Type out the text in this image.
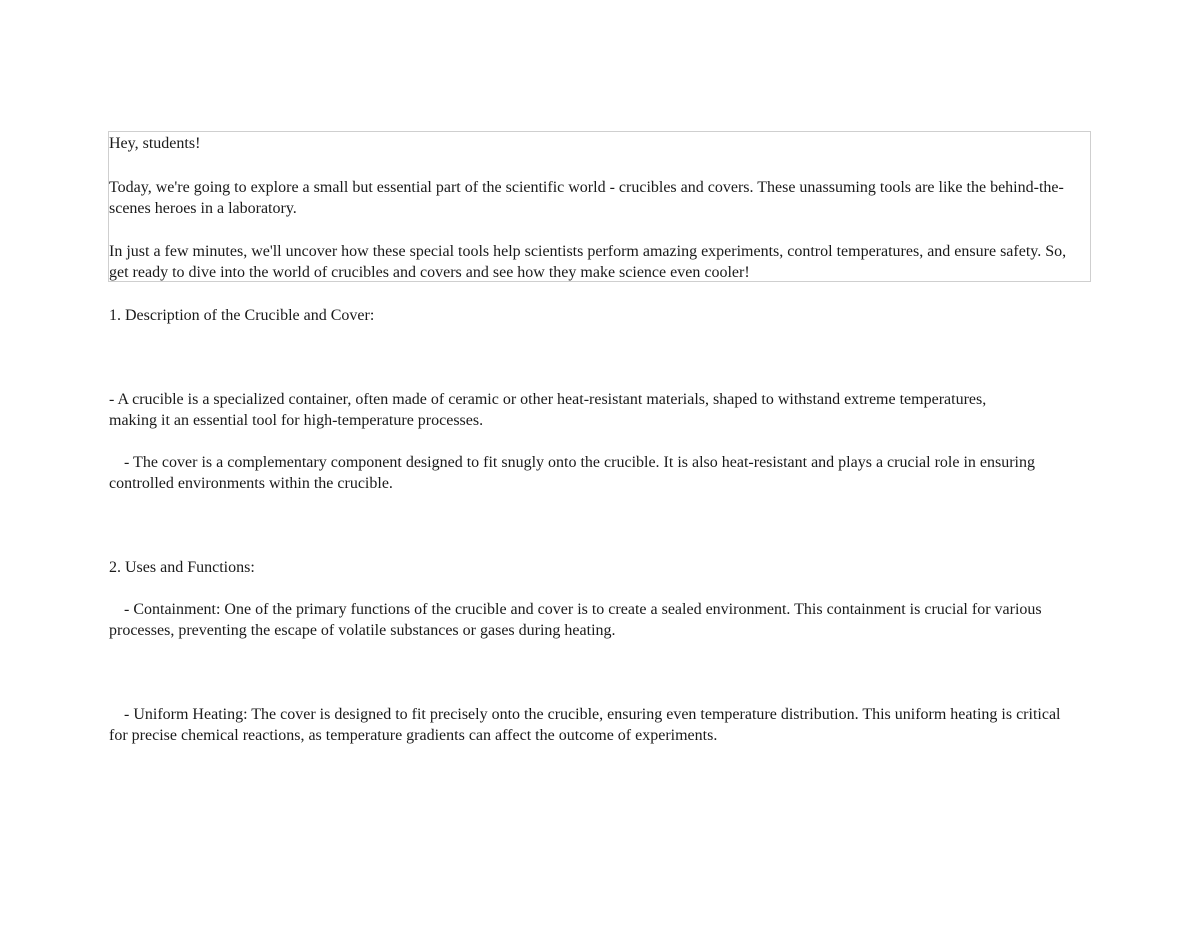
Hey, students!

Today, we're going to explore a small but essential part of the scientific world - crucibles and covers. These unassuming tools are like the behind-the-scenes heroes in a laboratory.

In just a few minutes, we'll uncover how these special tools help scientists perform amazing experiments, control temperatures, and ensure safety. So, get ready to dive into the world of crucibles and covers and see how they make science even cooler!

1. Description of the Crucible and Cover:

- A crucible is a specialized container, often made of ceramic or other heat-resistant materials, shaped to withstand extreme temperatures, making it an essential tool for high-temperature processes.

- The cover is a complementary component designed to fit snugly onto the crucible. It is also heat-resistant and plays a crucial role in ensuring controlled environments within the crucible.

2. Uses and Functions:

- Containment: One of the primary functions of the crucible and cover is to create a sealed environment. This containment is crucial for various processes, preventing the escape of volatile substances or gases during heating.

- Uniform Heating: The cover is designed to fit precisely onto the crucible, ensuring even temperature distribution. This uniform heating is critical for precise chemical reactions, as temperature gradients can affect the outcome of experiments.
